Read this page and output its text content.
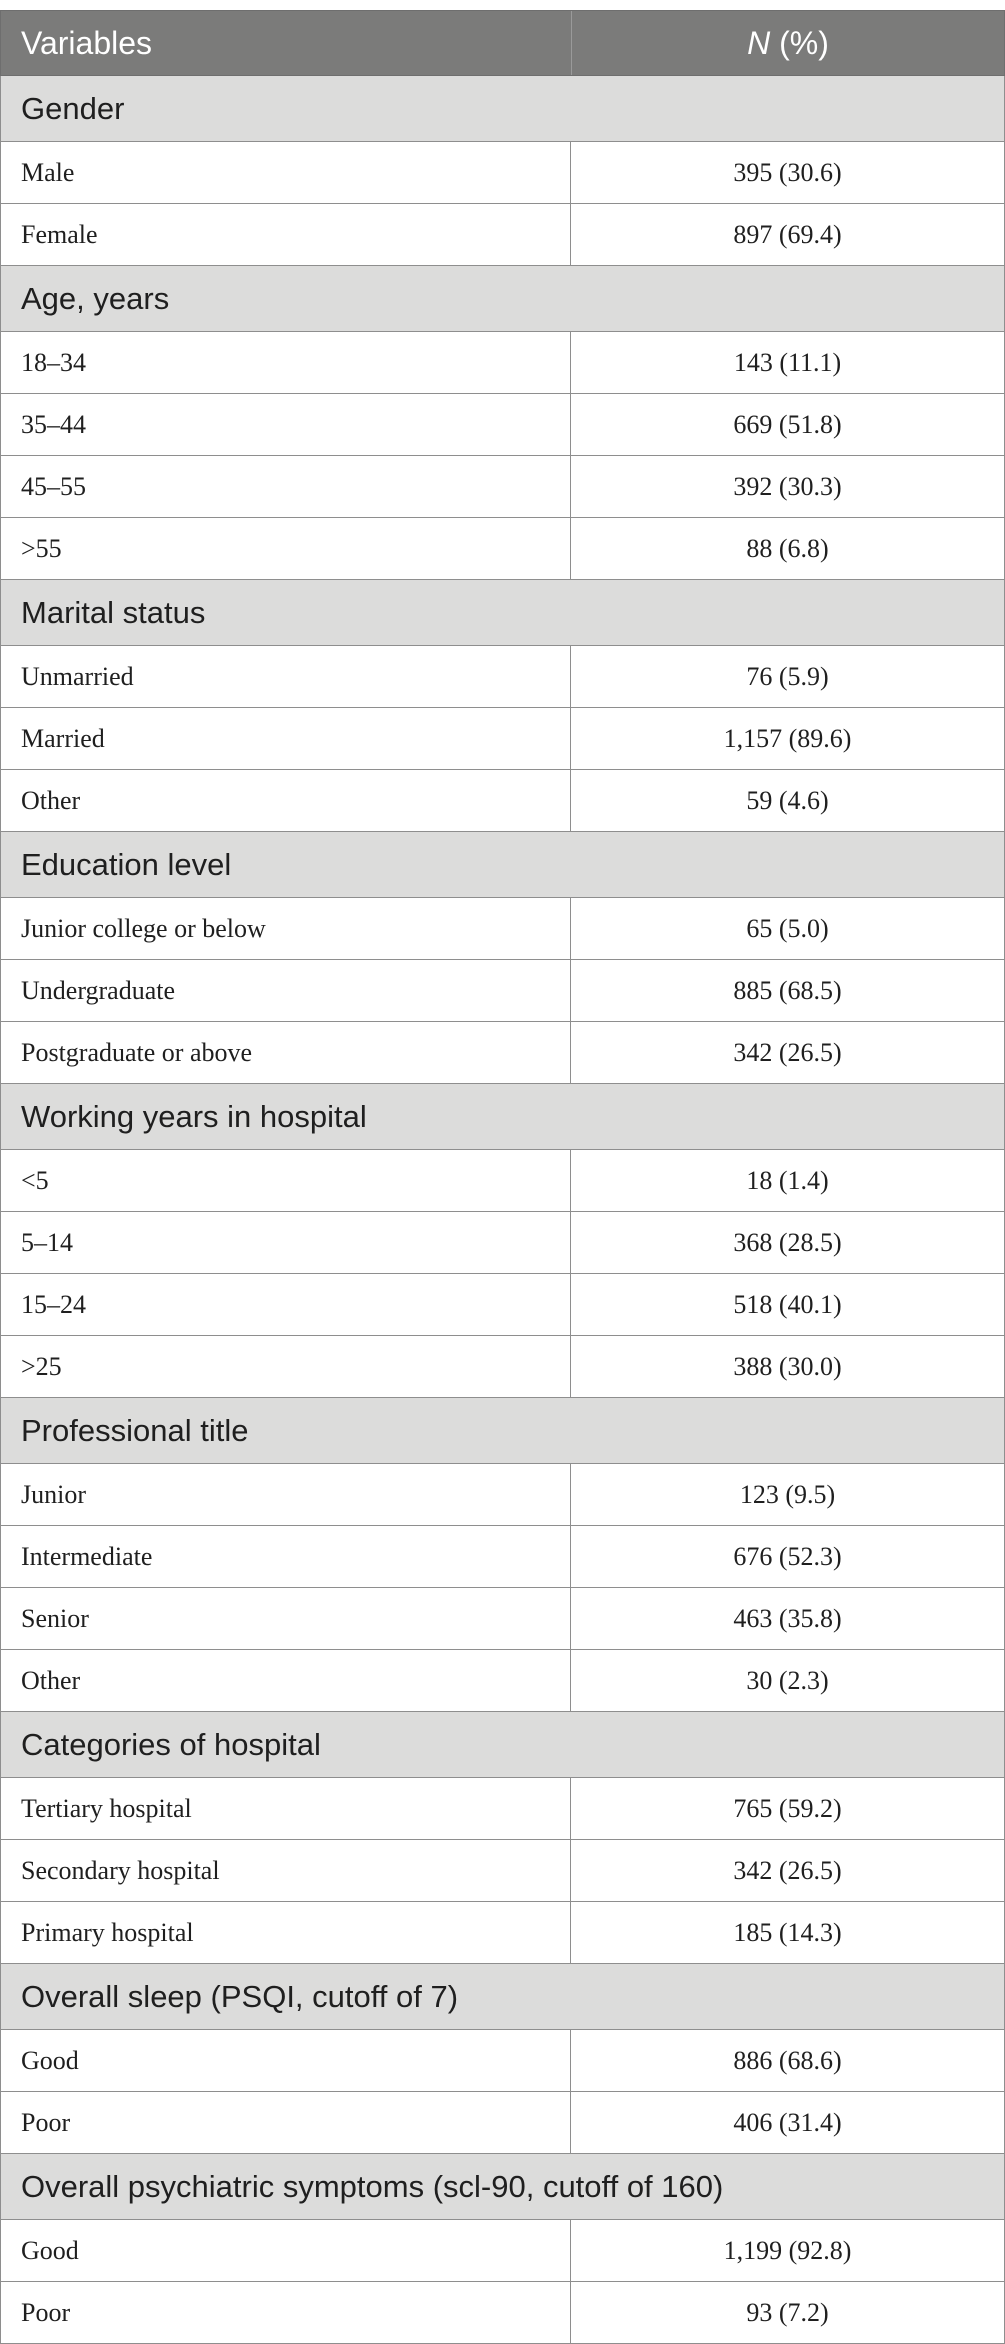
Variables	N (%)
Gender
Male	395 (30.6)
Female	897 (69.4)
Age, years
18–34	143 (11.1)
35–44	669 (51.8)
45–55	392 (30.3)
>55	88 (6.8)
Marital status
Unmarried	76 (5.9)
Married	1,157 (89.6)
Other	59 (4.6)
Education level
Junior college or below	65 (5.0)
Undergraduate	885 (68.5)
Postgraduate or above	342 (26.5)
Working years in hospital
<5	18 (1.4)
5–14	368 (28.5)
15–24	518 (40.1)
>25	388 (30.0)
Professional title
Junior	123 (9.5)
Intermediate	676 (52.3)
Senior	463 (35.8)
Other	30 (2.3)
Categories of hospital
Tertiary hospital	765 (59.2)
Secondary hospital	342 (26.5)
Primary hospital	185 (14.3)
Overall sleep (PSQI, cutoff of 7)
Good	886 (68.6)
Poor	406 (31.4)
Overall psychiatric symptoms (scl-90, cutoff of 160)
Good	1,199 (92.8)
Poor	93 (7.2)
